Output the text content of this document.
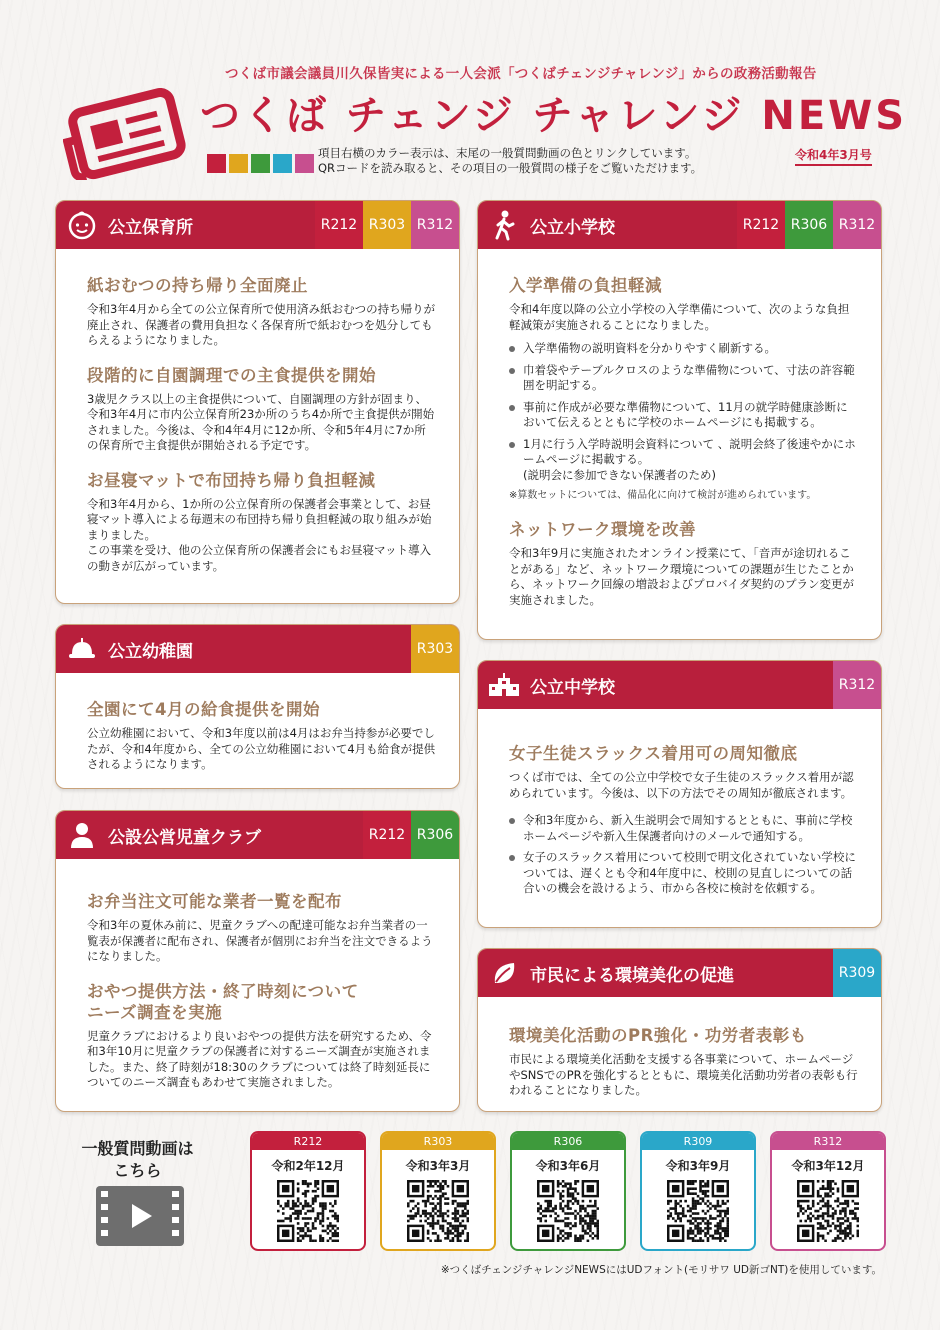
つくば市議会議員川久保皆実による一人会派「つくばチェンジチャレンジ」からの政務活動報告
つくば チェンジ チャレンジ NEWS
項目右横のカラー表示は、末尾の一般質問動画の色とリンクしています。
QRコードを読み取ると、その項目の一般質問の様子をご覧いただけます。
令和4年3月号
公立保育所	R212 R303 R312
紙おむつの持ち帰り全面廃止
令和3年4月から全ての公立保育所で使用済み紙おむつの持ち帰りが廃止され、保護者の費用負担なく各保育所で紙おむつを処分してもらえるようになりました。
段階的に自園調理での主食提供を開始
3歳児クラス以上の主食提供について、自園調理の方針が固まり、令和3年4月に市内公立保育所23か所のうち4か所で主食提供が開始されました。今後は、令和4年4月に12か所、令和5年4月に7か所の保育所で主食提供が開始される予定です。
お昼寝マットで布団持ち帰り負担軽減
令和3年4月から、1か所の公立保育所の保護者会事業として、お昼寝マット導入による毎週末の布団持ち帰り負担軽減の取り組みが始まりました。
この事業を受け、他の公立保育所の保護者会にもお昼寝マット導入の動きが広がっています。
公立小学校	R212 R306 R312
入学準備の負担軽減
令和4年度以降の公立小学校の入学準備について、次のような負担軽減策が実施されることになりました。
入学準備物の説明資料を分かりやすく刷新する。
巾着袋やテーブルクロスのような準備物について、寸法の許容範囲を明記する。
事前に作成が必要な準備物について、11月の就学時健康診断において伝えるとともに学校のホームページにも掲載する。
1月に行う入学時説明会資料について 、説明会終了後速やかにホームページに掲載する。
(説明会に参加できない保護者のため)
※算数セットについては、備品化に向けて検討が進められています。
ネットワーク環境を改善
令和3年9月に実施されたオンライン授業にて、「音声が途切れることがある」など、ネットワーク環境についての課題が生じたことから、ネットワーク回線の増設およびプロバイダ契約のプラン変更が実施されました。
公立幼稚園	R303
全園にて4月の給食提供を開始
公立幼稚園において、令和3年度以前は4月はお弁当持参が必要でしたが、令和4年度から、全ての公立幼稚園において4月も給食が提供されるようになります。
公立中学校	R312
女子生徒スラックス着用可の周知徹底
つくば市では、全ての公立中学校で女子生徒のスラックス着用が認められています。今後は、以下の方法でその周知が徹底されます。
令和3年度から、新入生説明会で周知するとともに、事前に学校ホームページや新入生保護者向けのメールで通知する。
女子のスラックス着用について校則で明文化されていない学校については、遅くとも令和4年度中に、校則の見直しについての話合いの機会を設けるよう、市から各校に検討を依頼する。
公設公営児童クラブ	R212 R306
お弁当注文可能な業者一覧を配布
令和3年の夏休み前に、児童クラブへの配達可能なお弁当業者の一覧表が保護者に配布され、保護者が個別にお弁当を注文できるようになりました。
おやつ提供方法・終了時刻について
ニーズ調査を実施
児童クラブにおけるより良いおやつの提供方法を研究するため、令和3年10月に児童クラブの保護者に対するニーズ調査が実施されました。また、終了時刻が18:30のクラブについては終了時刻延長についてのニーズ調査もあわせて実施されました。
市民による環境美化の促進	R309
環境美化活動のPR強化・功労者表彰も
市民による環境美化活動を支援する各事業について、ホームページやSNSでのPRを強化するとともに、環境美化活動功労者の表彰も行われることになりました。
一般質問動画は
こちら
R212
令和2年12月
R303
令和3年3月
R306
令和3年6月
R309
令和3年9月
R312
令和3年12月
※つくばチェンジチャレンジNEWSにはUDフォント(モリサワ UD新ゴNT)を使用しています。
